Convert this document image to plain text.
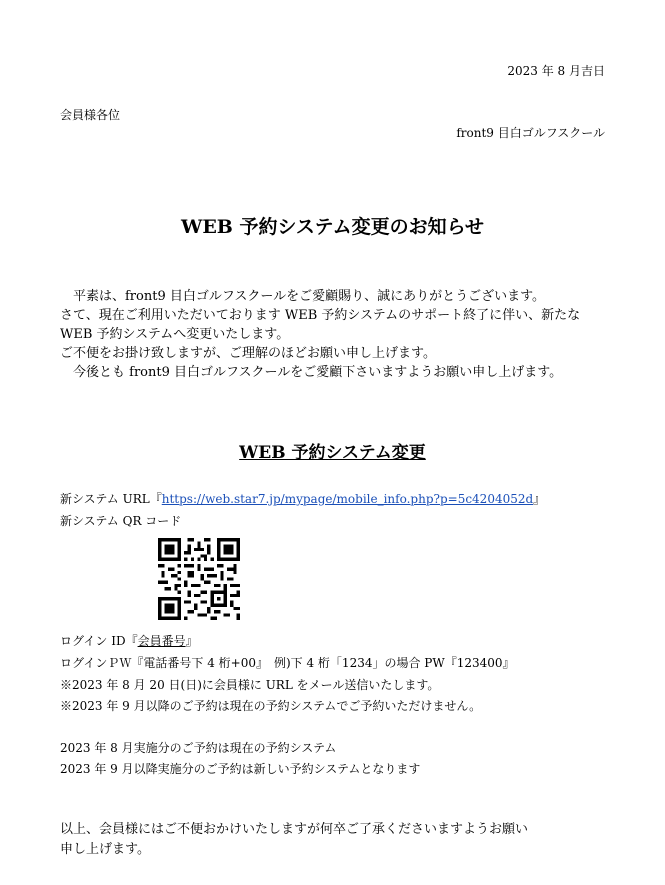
2023 年 8 月吉日
会員様各位
front9 目白ゴルフスクール
WEB 予約システム変更のお知らせ
　平素は、front9 目白ゴルフスクールをご愛顧賜り、誠にありがとうございます。
さて、現在ご利用いただいております WEB 予約システムのサポート終了に伴い、新たな
WEB 予約システムへ変更いたします。
ご不便をお掛け致しますが、ご理解のほどお願い申し上げます。
　今後とも front9 目白ゴルフスクールをご愛顧下さいますようお願い申し上げます。
WEB 予約システム変更
新システム URL『https://web.star7.jp/mypage/mobile_info.php?p=5c4204052d』
新システム QR コード
ログイン ID『会員番号』
ログインＰＷ『電話番号下 4 桁+00』　例)下 4 桁「1234」の場合 PW『123400』
※2023 年 8 月 20 日(日)に会員様に URL をメール送信いたします。
※2023 年 9 月以降のご予約は現在の予約システムでご予約いただけません。
2023 年 8 月実施分のご予約は現在の予約システム
2023 年 9 月以降実施分のご予約は新しい予約システムとなります
以上、会員様にはご不便おかけいたしますが何卒ご了承くださいますようお願い
申し上げます。
